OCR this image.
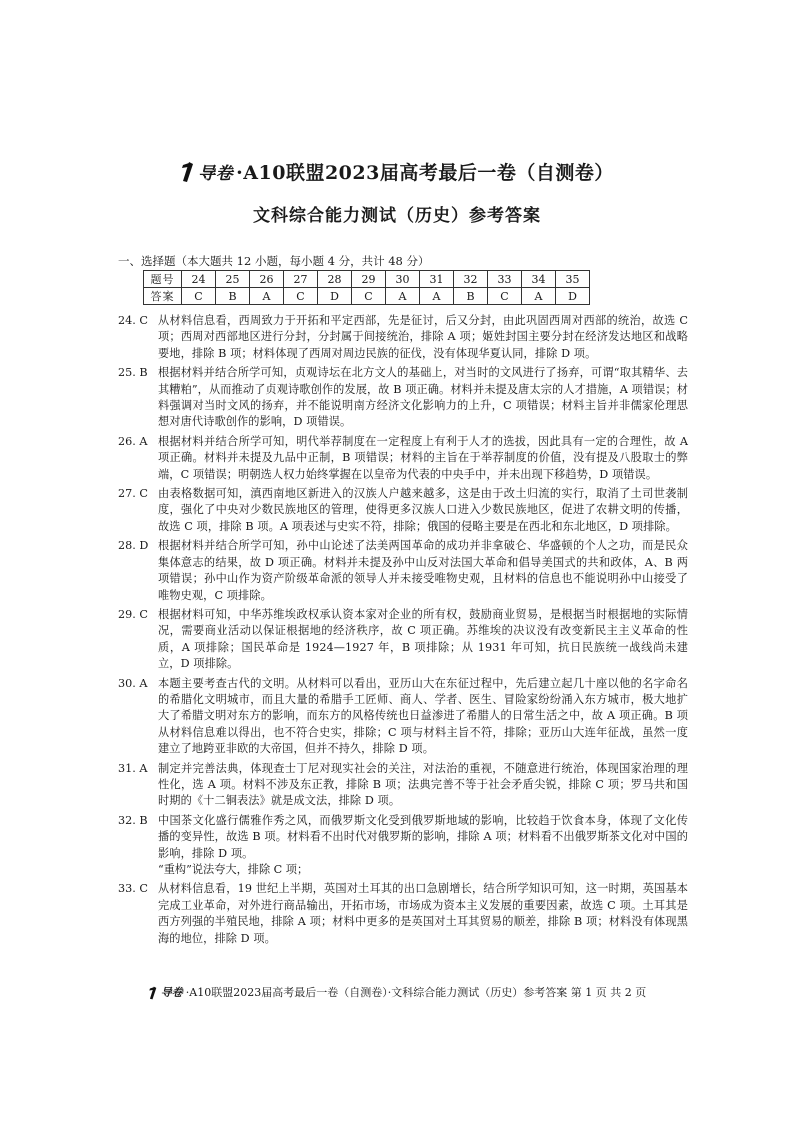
导卷 ·A10联盟2023届高考最后一卷（自测卷）
文科综合能力测试（历史）参考答案
一、选择题（本大题共 12 小题，每小题 4 分，共计 48 分）
题号	24	25	26	27	28	29	30	31	32	33	34	35
答案	C	B	A	C	D	C	A	A	B	C	A	D
24. C 从材料信息看，西周致力于开拓和平定西部，先是征讨，后又分封，由此巩固西周对西部的统治，故选 C 项；西周对西部地区进行分封，分封属于间接统治，排除 A 项；姬姓封国主要分封在经济发达地区和战略要地，排除 B 项；材料体现了西周对周边民族的征伐，没有体现华夏认同，排除 D 项。
25. B 根据材料并结合所学可知，贞观诗坛在北方文人的基础上，对当时的文风进行了扬弃，可谓“取其精华、去其糟粕”，从而推动了贞观诗歌创作的发展，故 B 项正确。材料并未提及唐太宗的人才措施，A 项错误；材料强调对当时文风的扬弃，并不能说明南方经济文化影响力的上升，C 项错误；材料主旨并非儒家伦理思想对唐代诗歌创作的影响，D 项错误。
26. A 根据材料并结合所学可知，明代举荐制度在一定程度上有利于人才的选拔，因此具有一定的合理性，故 A 项正确。材料并未提及九品中正制，B 项错误；材料的主旨在于举荐制度的价值，没有提及八股取士的弊端，C 项错误；明朝选人权力始终掌握在以皇帝为代表的中央手中，并未出现下移趋势，D 项错误。
27. C 由表格数据可知，滇西南地区新进入的汉族人户越来越多，这是由于改土归流的实行，取消了土司世袭制度，强化了中央对少数民族地区的管理，使得更多汉族人口进入少数民族地区，促进了农耕文明的传播，故选 C 项，排除 B 项。A 项表述与史实不符，排除；俄国的侵略主要是在西北和东北地区，D 项排除。
28. D 根据材料并结合所学可知，孙中山论述了法美两国革命的成功并非拿破仑、华盛顿的个人之功，而是民众集体意志的结果，故 D 项正确。材料并未提及孙中山反对法国大革命和倡导美国式的共和政体，A、B 两项错误；孙中山作为资产阶级革命派的领导人并未接受唯物史观，且材料的信息也不能说明孙中山接受了唯物史观，C 项排除。
29. C 根据材料可知，中华苏维埃政权承认资本家对企业的所有权，鼓励商业贸易，是根据当时根据地的实际情况，需要商业活动以保证根据地的经济秩序，故 C 项正确。苏维埃的决议没有改变新民主主义革命的性质，A 项排除；国民革命是 1924—1927 年，B 项排除；从 1931 年可知，抗日民族统一战线尚未建立，D 项排除。
30. A 本题主要考查古代的文明。从材料可以看出，亚历山大在东征过程中，先后建立起几十座以他的名字命名的希腊化文明城市，而且大量的希腊手工匠师、商人、学者、医生、冒险家纷纷涌入东方城市，极大地扩大了希腊文明对东方的影响，而东方的风格传统也日益渗进了希腊人的日常生活之中，故 A 项正确。B 项从材料信息难以得出，也不符合史实，排除；C 项与材料主旨不符，排除；亚历山大连年征战，虽然一度建立了地跨亚非欧的大帝国，但并不持久，排除 D 项。
31. A 制定并完善法典，体现查士丁尼对现实社会的关注，对法治的重视，不随意进行统治，体现国家治理的理性化，选 A 项。材料不涉及东正教，排除 B 项；法典完善不等于社会矛盾尖锐，排除 C 项；罗马共和国时期的《十二铜表法》就是成文法，排除 D 项。
32. B 中国茶文化盛行儒雅作秀之风，而俄罗斯文化受到俄罗斯地域的影响，比较趋于饮食本身，体现了文化传播的变异性，故选 B 项。材料看不出时代对俄罗斯的影响，排除 A 项；材料看不出俄罗斯茶文化对中国的影响，排除 D 项。
“重构”说法夸大，排除 C 项；
33. C 从材料信息看，19 世纪上半期，英国对土耳其的出口急剧增长，结合所学知识可知，这一时期，英国基本完成工业革命，对外进行商品输出，开拓市场，市场成为资本主义发展的重要因素，故选 C 项。土耳其是西方列强的半殖民地，排除 A 项；材料中更多的是英国对土耳其贸易的顺差，排除 B 项；材料没有体现黑海的地位，排除 D 项。
导卷 ·A10联盟2023届高考最后一卷（自测卷）·文科综合能力测试（历史）参考答案 第 1 页 共 2 页
